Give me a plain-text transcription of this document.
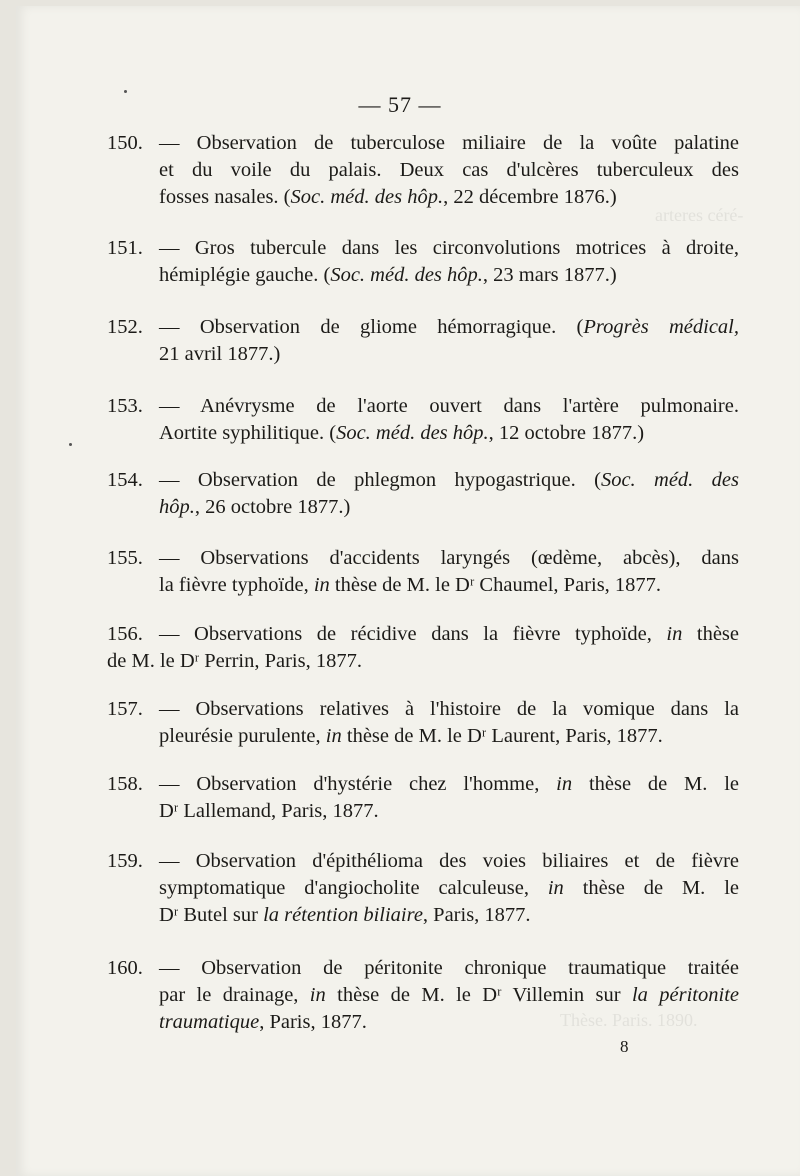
arteres céré-
Thèse. Paris. 1890.
— 57 —
150. — Observation de tuberculose miliaire de la voûte palatine
et du voile du palais. Deux cas d'ulcères tuberculeux des
fosses nasales. (Soc. méd. des hôp., 22 décembre 1876.)
151. — Gros tubercule dans les circonvolutions motrices à droite,
hémiplégie gauche. (Soc. méd. des hôp., 23 mars 1877.)
152. — Observation de gliome hémorragique. (Progrès médical,
21 avril 1877.)
153. — Anévrysme de l'aorte ouvert dans l'artère pulmonaire.
Aortite syphilitique. (Soc. méd. des hôp., 12 octobre 1877.)
154. — Observation de phlegmon hypogastrique. (Soc. méd. des
hôp., 26 octobre 1877.)
155. — Observations d'accidents laryngés (œdème, abcès), dans
la fièvre typhoïde, in thèse de M. le Dʳ Chaumel, Paris, 1877.
156. — Observations de récidive dans la fièvre typhoïde, in thèse
de M. le Dʳ Perrin, Paris, 1877.
157. — Observations relatives à l'histoire de la vomique dans la
pleurésie purulente, in thèse de M. le Dʳ Laurent, Paris, 1877.
158. — Observation d'hystérie chez l'homme, in thèse de M. le
Dʳ Lallemand, Paris, 1877.
159. — Observation d'épithélioma des voies biliaires et de fièvre
symptomatique d'angiocholite calculeuse, in thèse de M. le
Dʳ Butel sur la rétention biliaire, Paris, 1877.
160. — Observation de péritonite chronique traumatique traitée
par le drainage, in thèse de M. le Dʳ Villemin sur la péritonite
traumatique, Paris, 1877.
8
